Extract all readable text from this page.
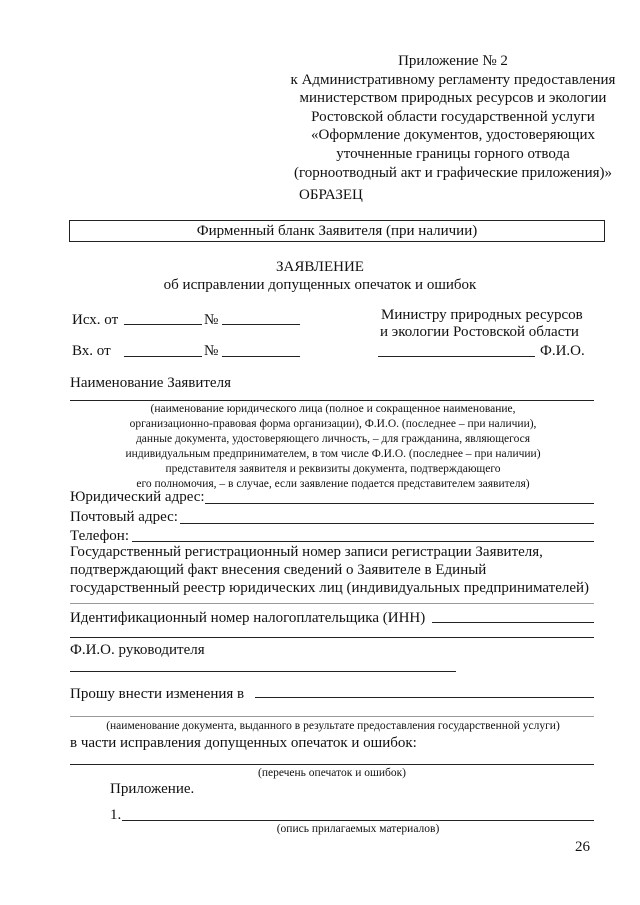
Приложение № 2
к Административному регламенту предоставления
министерством природных ресурсов и экологии
Ростовской области государственной услуги
«Оформление документов, удостоверяющих
уточненные границы горного отвода
(горноотводный акт и графические приложения)»
ОБРАЗЕЦ
Фирменный бланк Заявителя (при наличии)
ЗАЯВЛЕНИЕ
об исправлении допущенных опечаток и ошибок
Исх. от	№
Вх. от	№
Министру природных ресурсов
и экологии Ростовской области
Ф.И.О.
Наименование Заявителя
(наименование юридического лица (полное и сокращенное наименование,
организационно-правовая форма организации), Ф.И.О. (последнее – при наличии),
данные документа, удостоверяющего личность, – для гражданина, являющегося
индивидуальным предпринимателем, в том числе Ф.И.О. (последнее – при наличии)
представителя заявителя и реквизиты документа, подтверждающего
его полномочия, – в случае, если заявление подается представителем заявителя)
Юридический адрес:
Почтовый адрес:
Телефон:
Государственный регистрационный номер записи регистрации Заявителя,
подтверждающий факт внесения сведений о Заявителе в Единый
государственный реестр юридических лиц (индивидуальных предпринимателей)
Идентификационный номер налогоплательщика (ИНН)
Ф.И.О. руководителя
Прошу внести изменения в
(наименование документа, выданного в результате предоставления государственной услуги)
в части исправления допущенных опечаток и ошибок:
(перечень опечаток и ошибок)
Приложение.
1.
(опись прилагаемых материалов)
26
